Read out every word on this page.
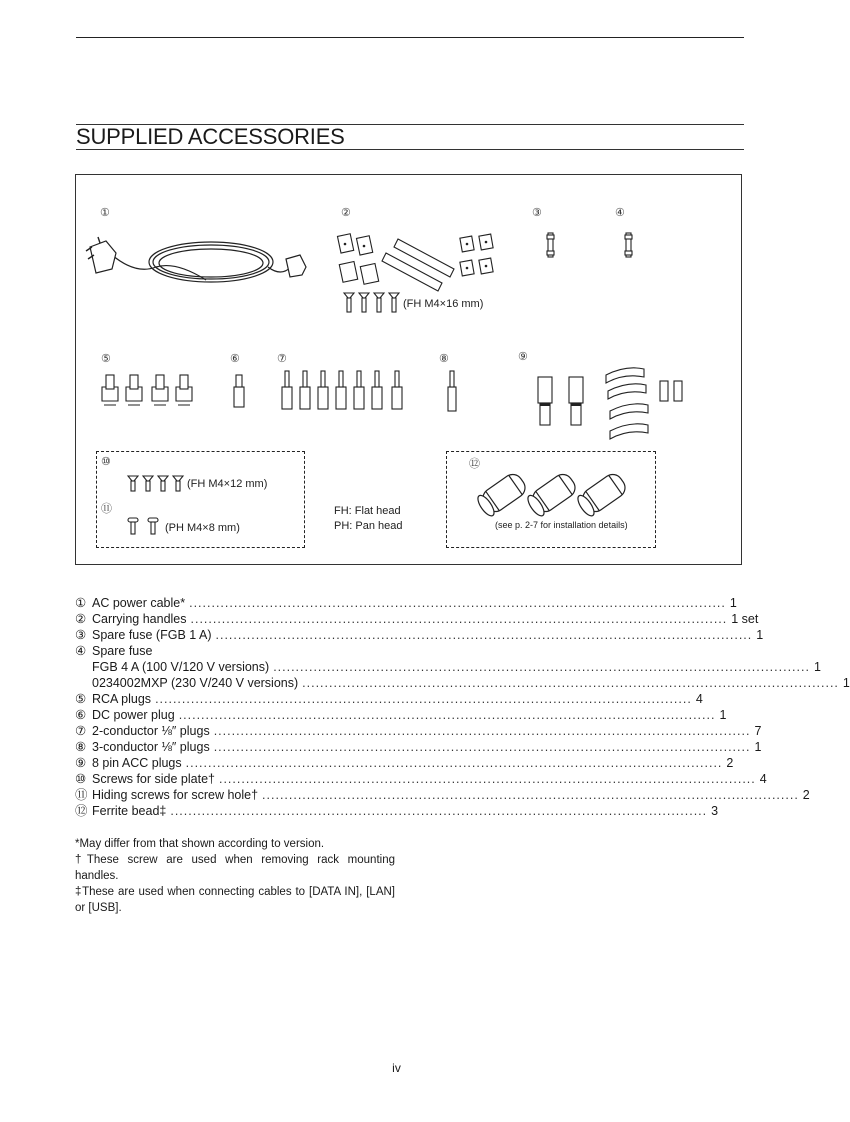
SUPPLIED ACCESSORIES
①	②	③	④
⑤	⑥	⑦	⑧	⑨
⑩
⑪
⑫
(FH M4×16 mm)
(FH M4×12 mm)
(PH M4×8 mm)
FH: Flat head
PH: Pan head	(see p. 2-7 for installation details)
① AC power cable* ........................................................................................................................ 1
② Carrying handles ........................................................................................................................ 1 set
③ Spare fuse (FGB 1 A) ........................................................................................................................ 1
④ Spare fuse
FGB 4 A (100 V/120 V versions) ........................................................................................................................ 1
0234002MXP (230 V/240 V versions) ........................................................................................................................ 1
⑤ RCA plugs ........................................................................................................................ 4
⑥ DC power plug ........................................................................................................................ 1
⑦ 2-conductor ⅛″ plugs ........................................................................................................................ 7
⑧ 3-conductor ⅛″ plugs ........................................................................................................................ 1
⑨ 8 pin ACC plugs ........................................................................................................................ 2
⑩ Screws for side plate† ........................................................................................................................ 4
⑪ Hiding screws for screw hole† ........................................................................................................................ 2
⑫ Ferrite bead‡ ........................................................................................................................ 3

*May differ from that shown according to version.

†These screw are used when removing rack mounting handles.

‡These are used when connecting cables to [DATA IN], [LAN] or [USB].

iv
